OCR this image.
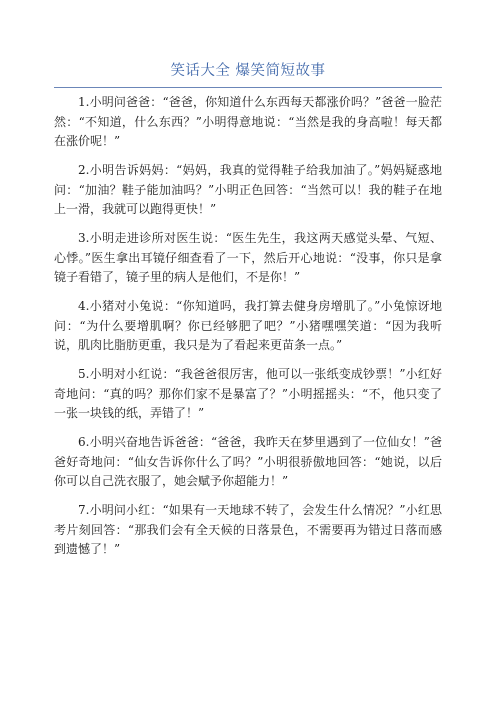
笑话大全 爆笑简短故事

1.小明问爸爸：“爸爸，你知道什么东西每天都涨价吗？”爸爸一脸茫然：“不知道，什么东西？”小明得意地说：“当然是我的身高啦！每天都在涨价呢！”

2.小明告诉妈妈：“妈妈，我真的觉得鞋子给我加油了。”妈妈疑惑地问：“加油？鞋子能加油吗？”小明正色回答：“当然可以！我的鞋子在地上一滑，我就可以跑得更快！”

3.小明走进诊所对医生说：“医生先生，我这两天感觉头晕、气短、心悸。”医生拿出耳镜仔细查看了一下，然后开心地说：“没事，你只是拿镜子看错了，镜子里的病人是他们，不是你！”

4.小猪对小兔说：“你知道吗，我打算去健身房增肌了。”小兔惊讶地问：“为什么要增肌啊？你已经够肥了吧？”小猪嘿嘿笑道：“因为我听说，肌肉比脂肪更重，我只是为了看起来更苗条一点。”

5.小明对小红说：“我爸爸很厉害，他可以一张纸变成钞票！”小红好奇地问：“真的吗？那你们家不是暴富了？”小明摇摇头：“不，他只变了一张一块钱的纸，弄错了！”

6.小明兴奋地告诉爸爸：“爸爸，我昨天在梦里遇到了一位仙女！”爸爸好奇地问：“仙女告诉你什么了吗？”小明很骄傲地回答：“她说，以后你可以自己洗衣服了，她会赋予你超能力！”

7.小明问小红：“如果有一天地球不转了，会发生什么情况？”小红思考片刻回答：“那我们会有全天候的日落景色，不需要再为错过日落而感到遗憾了！”
